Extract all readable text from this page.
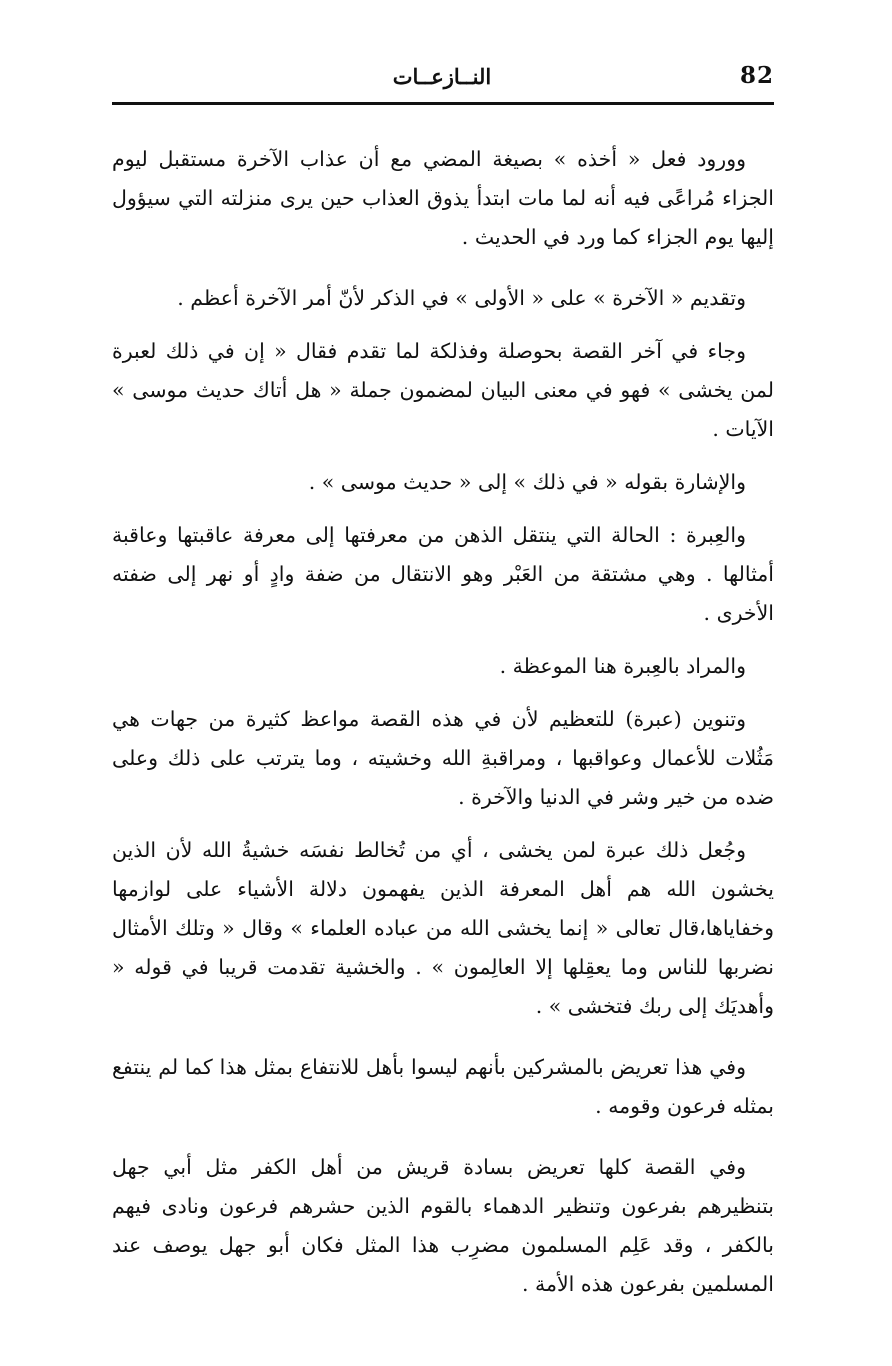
82
النــازعــات

وورود فعل « أخذه » بصيغة المضي مع أن عذاب الآخرة مستقبل ليوم الجزاء مُراعًى فيه أنه لما مات ابتدأ يذوق العذاب حين يرى منزلته التي سيؤول إليها يوم الجزاء كما ورد في الحديث .

وتقديم « الآخرة » على « الأولى » في الذكر لأنّ أمر الآخرة أعظم .

وجاء في آخر القصة بحوصلة وفذلكة لما تقدم فقال « إن في ذلك لعبرة لمن يخشى » فهو في معنى البيان لمضمون جملة « هل أتاك حديث موسى » الآيات .

والإشارة بقوله « في ذلك » إلى « حديث موسى » .

والعِبرة : الحالة التي ينتقل الذهن من معرفتها إلى معرفة عاقبتها وعاقبة أمثالها . وهي مشتقة من العَبْر وهو الانتقال من ضفة وادٍ أو نهر إلى ضفته الأخرى .

والمراد بالعِبرة هنا الموعظة .

وتنوين (عبرة) للتعظيم لأن في هذه القصة مواعظ كثيرة من جهات هي مَثُلات للأعمال وعواقبها ، ومراقبةِ الله وخشيته ، وما يترتب على ذلك وعلى ضده من خير وشر في الدنيا والآخرة .

وجُعل ذلك عبرة لمن يخشى ، أي من تُخالط نفسَه خشيةُ الله لأن الذين يخشون الله هم أهل المعرفة الذين يفهمون دلالة الأشياء على لوازمها وخفاياها،قال تعالى « إنما يخشى الله من عباده العلماء » وقال « وتلك الأمثال نضربها للناس وما يعقِلها إلا العالِمون » . والخشية تقدمت قريبا في قوله « وأهديَك إلى ربك فتخشى » .

وفي هذا تعريض بالمشركين بأنهم ليسوا بأهل للانتفاع بمثل هذا كما لم ينتفع بمثله فرعون وقومه .

وفي القصة كلها تعريض بسادة قريش من أهل الكفر مثل أبي جهل بتنظيرهم بفرعون وتنظير الدهماء بالقوم الذين حشرهم فرعون ونادى فيهم بالكفر ، وقد عَلِم المسلمون مضرِب هذا المثل فكان أبو جهل يوصف عند المسلمين بفرعون هذه الأمة .
